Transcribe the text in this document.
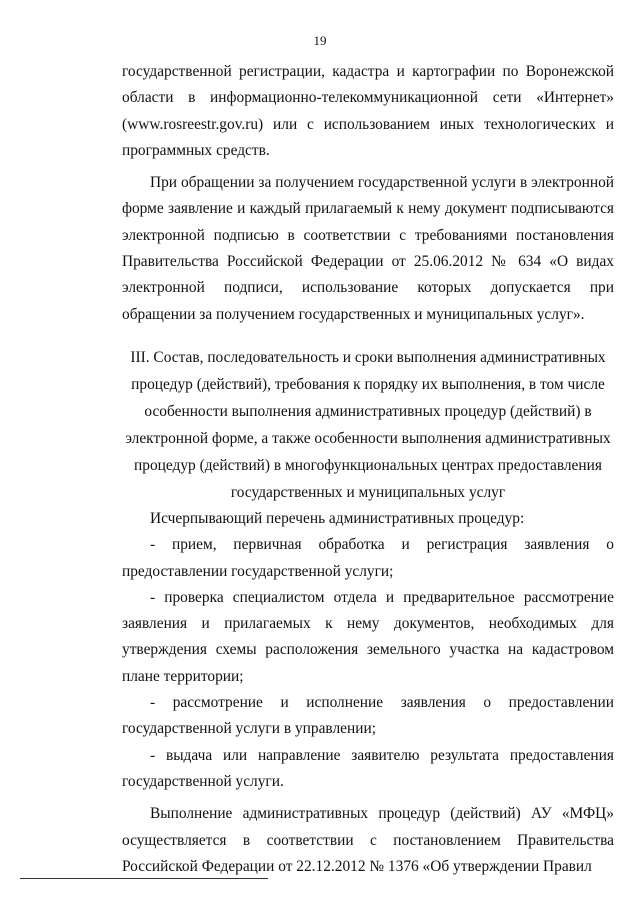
19

государственной регистрации, кадастра и картографии по Воронежской области в информационно-телекоммуникационной сети «Интернет» (www.rosreestr.gov.ru) или с использованием иных технологических и программных средств.

При обращении за получением государственной услуги в электронной форме заявление и каждый прилагаемый к нему документ подписываются электронной подписью в соответствии с требованиями постановления Правительства Российской Федерации от 25.06.2012 № 634 «О видах электронной подписи, использование которых допускается при обращении за получением государственных и муниципальных услуг».

III. Состав, последовательность и сроки выполнения административных
процедур (действий), требования к порядку их выполнения, в том числе
особенности выполнения административных процедур (действий) в
электронной форме, а также особенности выполнения административных
процедур (действий) в многофункциональных центрах предоставления
государственных и муниципальных услуг

Исчерпывающий перечень административных процедур:

- прием, первичная обработка и регистрация заявления о предоставлении государственной услуги;

- проверка специалистом отдела и предварительное рассмотрение заявления и прилагаемых к нему документов, необходимых для утверждения схемы расположения земельного участка на кадастровом плане территории;

- рассмотрение и исполнение заявления о предоставлении государственной услуги в управлении;

- выдача или направление заявителю результата предоставления государственной услуги.

Выполнение административных процедур (действий) АУ «МФЦ» осуществляется в соответствии с постановлением Правительства Российской Федерации от 22.12.2012 № 1376 «Об утверждении Правил
